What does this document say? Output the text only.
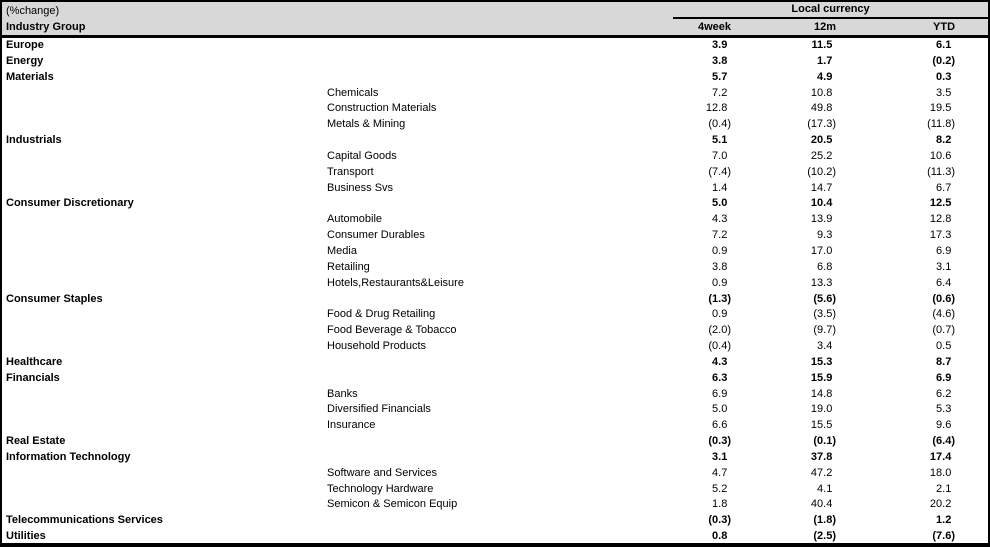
(%change)		Local currency			

Industry Group		4week	12m	YTD	
Europe		3.9	11.5	6.1	
Energy		3.8	1.7	(0.2)	
Materials		5.7	4.9	0.3	
	Chemicals	7.2	10.8	3.5	
	Construction Materials	12.8	49.8	19.5	
	Metals & Mining	(0.4)	(17.3)	(11.8)	
Industrials		5.1	20.5	8.2	
	Capital Goods	7.0	25.2	10.6	
	Transport	(7.4)	(10.2)	(11.3)	
	Business Svs	1.4	14.7	6.7	
Consumer Discretionary		5.0	10.4	12.5	
	Automobile	4.3	13.9	12.8	
	Consumer Durables	7.2	9.3	17.3	
	Media	0.9	17.0	6.9	
	Retailing	3.8	6.8	3.1	
	Hotels,Restaurants&Leisure	0.9	13.3	6.4	
Consumer Staples		(1.3)	(5.6)	(0.6)	
	Food & Drug Retailing	0.9	(3.5)	(4.6)	
	Food Beverage & Tobacco	(2.0)	(9.7)	(0.7)	
	Household Products	(0.4)	3.4	0.5	
Healthcare		4.3	15.3	8.7	
Financials		6.3	15.9	6.9	
	Banks	6.9	14.8	6.2	
	Diversified Financials	5.0	19.0	5.3	
	Insurance	6.6	15.5	9.6	
Real Estate		(0.3)	(0.1)	(6.4)	
Information Technology		3.1	37.8	17.4	
	Software and Services	4.7	47.2	18.0	
	Technology Hardware	5.2	4.1	2.1	
	Semicon & Semicon Equip	1.8	40.4	20.2	
Telecommunications Services		(0.3)	(1.8)	1.2	
Utilities		0.8	(2.5)	(7.6)	
